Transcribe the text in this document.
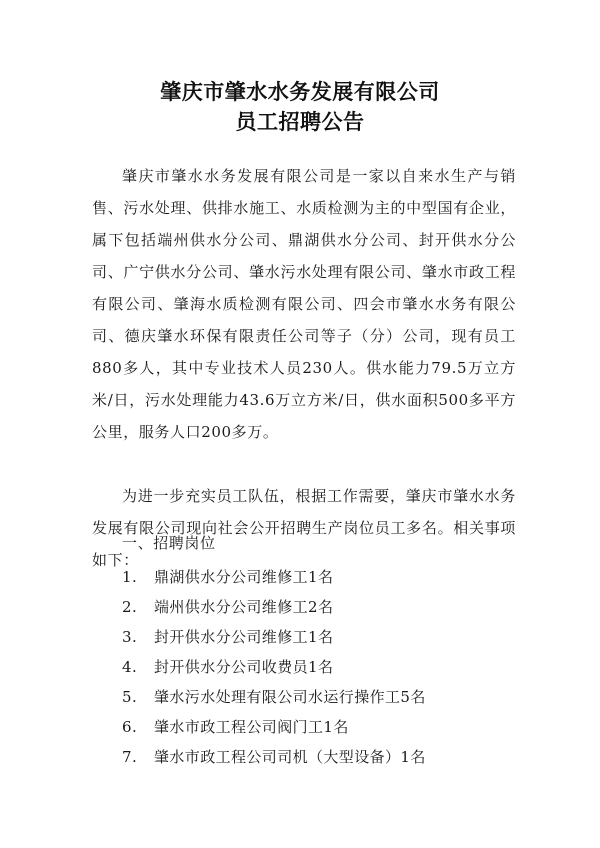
肇庆市肇水水务发展有限公司
员工招聘公告

肇庆市肇水水务发展有限公司是一家以自来水生产与销售、污水处理、供排水施工、水质检测为主的中型国有企业，属下包括端州供水分公司、鼎湖供水分公司、封开供水分公司、广宁供水分公司、肇水污水处理有限公司、肇水市政工程有限公司、肇海水质检测有限公司、四会市肇水水务有限公司、德庆肇水环保有限责任公司等子（分）公司，现有员工880多人，其中专业技术人员230人。供水能力79.5万立方米/日，污水处理能力43.6万立方米/日，供水面积500多平方公里，服务人口200多万。

为进一步充实员工队伍，根据工作需要，肇庆市肇水水务发展有限公司现向社会公开招聘生产岗位员工多名。相关事项如下：

一、招聘岗位
1.	鼎湖供水分公司维修工1名
2.	端州供水分公司维修工2名
3.	封开供水分公司维修工1名
4.	封开供水分公司收费员1名
5.	肇水污水处理有限公司水运行操作工5名
6.	肇水市政工程公司阀门工1名
7.	肇水市政工程公司司机（大型设备）1名
